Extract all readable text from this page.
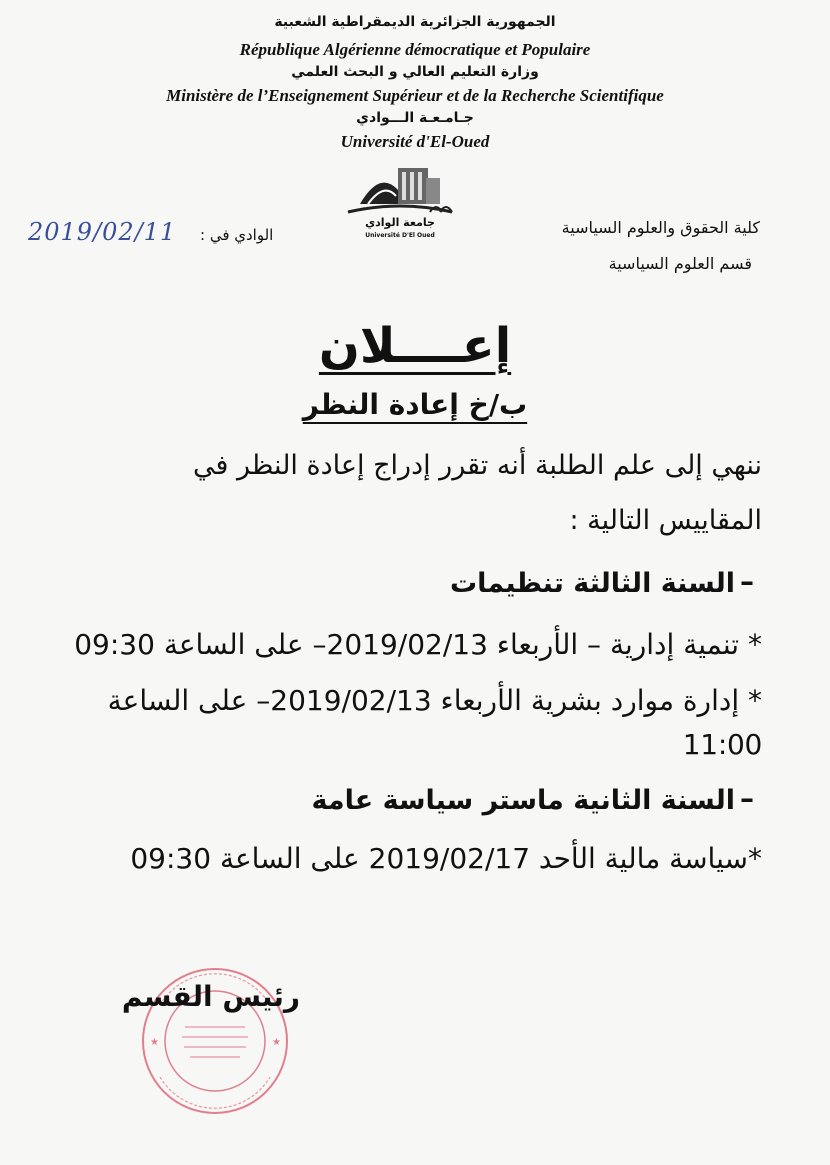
الجمهورية الجزائرية الديمقراطية الشعبية
République Algérienne démocratique et Populaire
وزارة التعليم العالي و البحث العلمي
Ministère de l’Enseignement Supérieur et de la Recherche Scientifique
جـامـعـة الـــوادي
Université d'El-Oued
جامعة الوادي
Université D'El Oued	كلية الحقوق والعلوم السياسية
قسم العلوم السياسية
الوادي في :
2019/02/11
إعــــلان
ب/خ إعادة النظر
ننهي إلى علم الطلبة أنه تقرر إدراج إعادة النظر في
المقاييس التالية :
–
السنة الثالثة تنظيمات
* تنمية إدارية – الأربعاء 2019/02/13– على الساعة 09:30
* إدارة موارد بشرية الأربعاء 2019/02/13– على الساعة
11:00
–
السنة الثانية ماستر سياسة عامة
*سياسة مالية الأحد 2019/02/17 على الساعة 09:30
★	★
رئيس القسم
